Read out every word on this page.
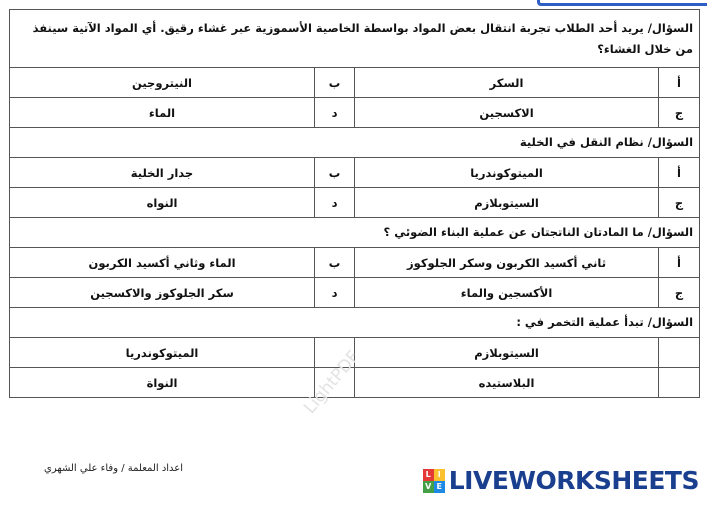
السؤال/ يريد أحد الطلاب تجربة انتقال بعض المواد بواسطة الخاصية الأسموزية عبر غشاء رقيق. أي المواد الآتية سينفذ من خلال الغشاء؟			
أ	السكر	ب	النيتروجين
ج	الاكسجين	د	الماء
السؤال/ نظام النقل في الخلية			
أ	الميتوكوندريا	ب	جدار الخلية
ج	السيتوبلازم	د	النواه
السؤال/ ما المادتان الناتجتان عن عملية البناء الضوئي ؟			
أ	ثاني أكسيد الكربون وسكر الجلوكوز	ب	الماء وثاني أكسيد الكربون
ج	الأكسجين والماء	د	سكر الجلوكوز والاكسجين
السؤال/ تبدأ عملية التخمر في :			
	السيتوبلازم		الميتوكوندريا
	البلاستيده		النواة	LightPDF
اعداد المعلمة / وفاء علي الشهري
L I
V E LIVEWORKSHEETS
